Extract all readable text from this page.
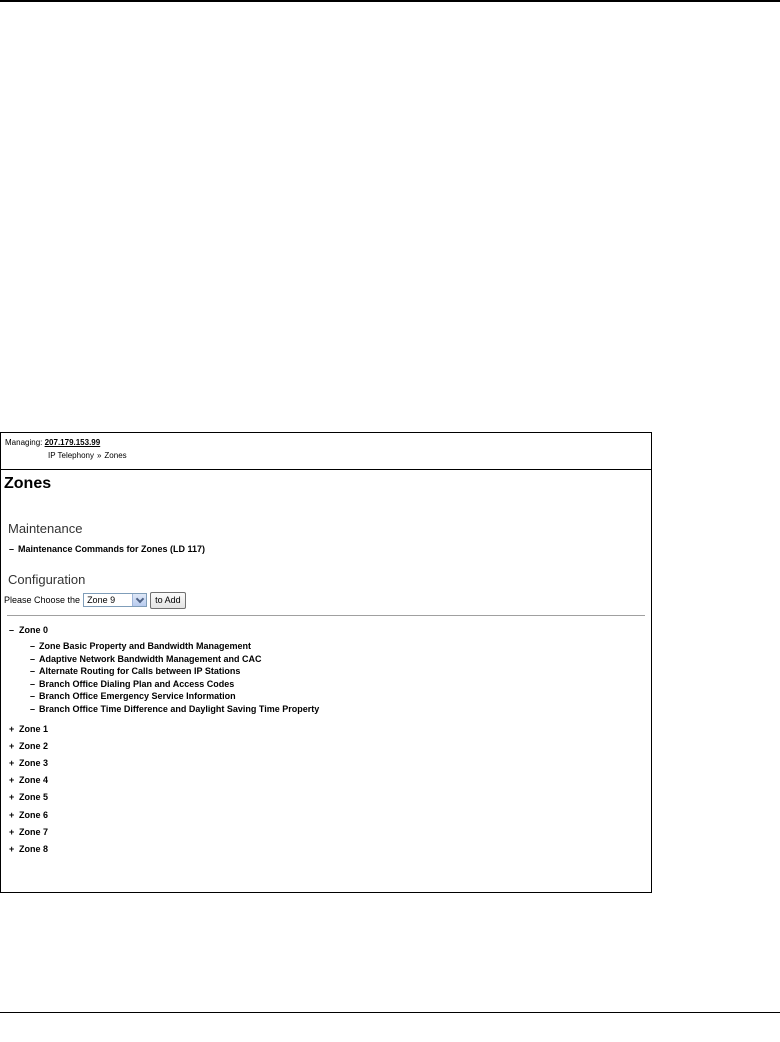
Managing: 207.179.153.99
IP Telephony » Zones
Zones
Maintenance
– Maintenance Commands for Zones (LD 117)
Configuration
Please Choose the Zone 9	to Add
– Zone 0
– Zone Basic Property and Bandwidth Management
– Adaptive Network Bandwidth Management and CAC
– Alternate Routing for Calls between IP Stations
– Branch Office Dialing Plan and Access Codes
– Branch Office Emergency Service Information
– Branch Office Time Difference and Daylight Saving Time Property
+ Zone 1
+ Zone 2
+ Zone 3
+ Zone 4
+ Zone 5
+ Zone 6
+ Zone 7
+ Zone 8
